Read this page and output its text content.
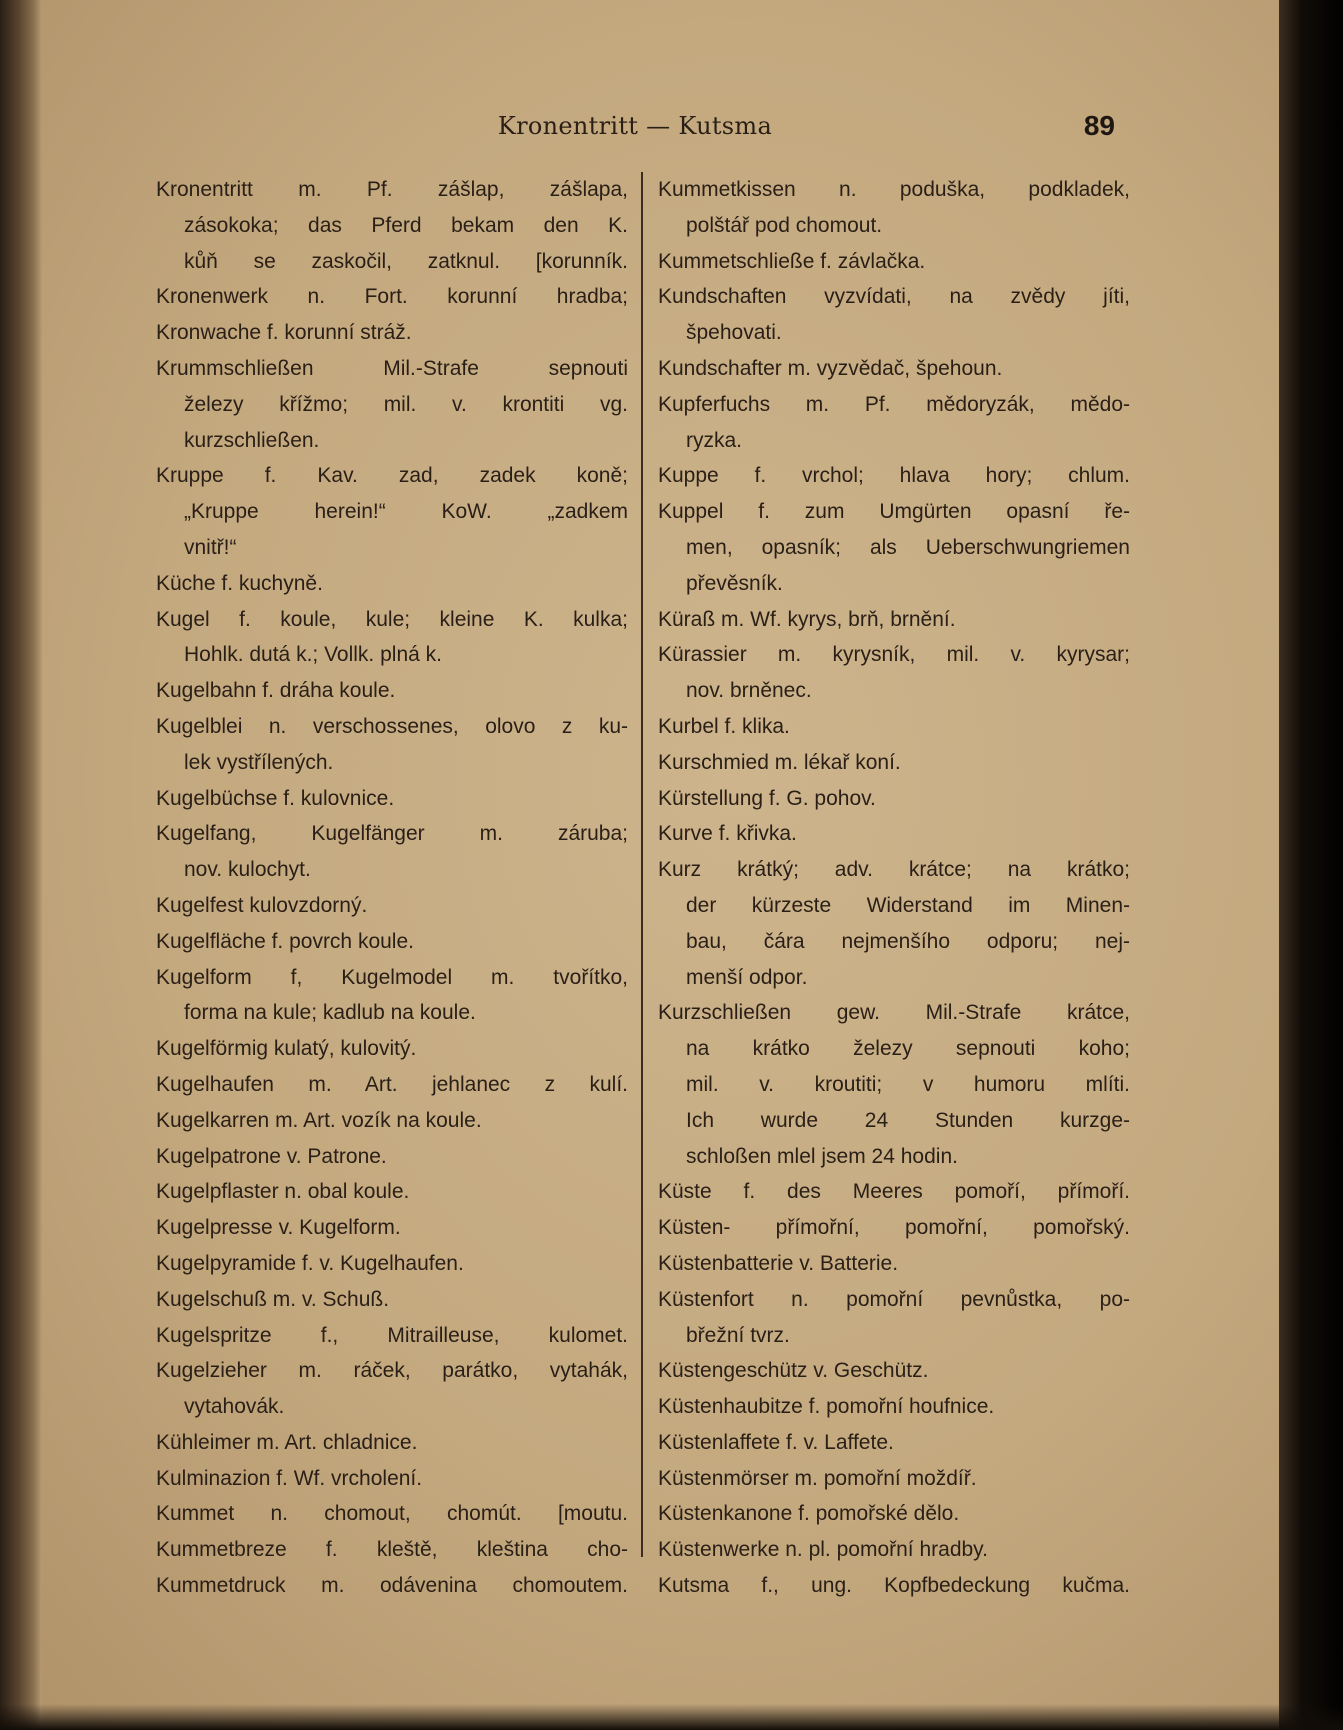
Kronentritt — Kutsma	89
Kronentritt m. Pf. zášlap, zášlapa,
zásokoka; das Pferd bekam den K.
kůň se zaskočil, zatknul. [korunník.
Kronenwerk n. Fort. korunní hradba;
Kronwache f. korunní stráž.
Krummschließen Mil.-Strafe sepnouti
železy křížmo; mil. v. krontiti vg.
kurzschließen.
Kruppe f. Kav. zad, zadek koně;
„Kruppe herein!“ KoW. „zadkem
vnitř!“
Küche f. kuchyně.
Kugel f. koule, kule; kleine K. kulka;
Hohlk. dutá k.; Vollk. plná k.
Kugelbahn f. dráha koule.
Kugelblei n. verschossenes, olovo z ku-
lek vystřílených.
Kugelbüchse f. kulovnice.
Kugelfang, Kugelfänger m. záruba;
nov. kulochyt.
Kugelfest kulovzdorný.
Kugelfläche f. povrch koule.
Kugelform f, Kugelmodel m. tvořítko,
forma na kule; kadlub na koule.
Kugelförmig kulatý, kulovitý.
Kugelhaufen m. Art. jehlanec z kulí.
Kugelkarren m. Art. vozík na koule.
Kugelpatrone v. Patrone.
Kugelpflaster n. obal koule.
Kugelpresse v. Kugelform.
Kugelpyramide f. v. Kugelhaufen.
Kugelschuß m. v. Schuß.
Kugelspritze f., Mitrailleuse, kulomet.
Kugelzieher m. ráček, parátko, vytahák,
vytahovák.
Kühleimer m. Art. chladnice.
Kulminazion f. Wf. vrcholení.
Kummet n. chomout, chomút. [moutu.
Kummetbreze f. kleště, kleština cho-
Kummetdruck m. odávenina chomoutem.
Kummetkissen n. poduška, podkladek,
polštář pod chomout.
Kummetschließe f. závlačka.
Kundschaften vyzvídati, na zvědy jíti,
špehovati.
Kundschafter m. vyzvědač, špehoun.
Kupferfuchs m. Pf. mědoryzák, mědo-
ryzka.
Kuppe f. vrchol; hlava hory; chlum.
Kuppel f. zum Umgürten opasní ře-
men, opasník; als Ueberschwungriemen
převěsník.
Küraß m. Wf. kyrys, brň, brnění.
Kürassier m. kyrysník, mil. v. kyrysar;
nov. brněnec.
Kurbel f. klika.
Kurschmied m. lékař koní.
Kürstellung f. G. pohov.
Kurve f. křivka.
Kurz krátký; adv. krátce; na krátko;
der kürzeste Widerstand im Minen-
bau, čára nejmenšího odporu; nej-
menší odpor.
Kurzschließen gew. Mil.-Strafe krátce,
na krátko železy sepnouti koho;
mil. v. kroutiti; v humoru mlíti.
Ich wurde 24 Stunden kurzge-
schloßen mlel jsem 24 hodin.
Küste f. des Meeres pomoří, přímoří.
Küsten- přímořní, pomořní, pomořský.
Küstenbatterie v. Batterie.
Küstenfort n. pomořní pevnůstka, po-
břežní tvrz.
Küstengeschütz v. Geschütz.
Küstenhaubitze f. pomořní houfnice.
Küstenlaffete f. v. Laffete.
Küstenmörser m. pomořní moždíř.
Küstenkanone f. pomořské dělo.
Küstenwerke n. pl. pomořní hradby.
Kutsma f., ung. Kopfbedeckung kučma.
